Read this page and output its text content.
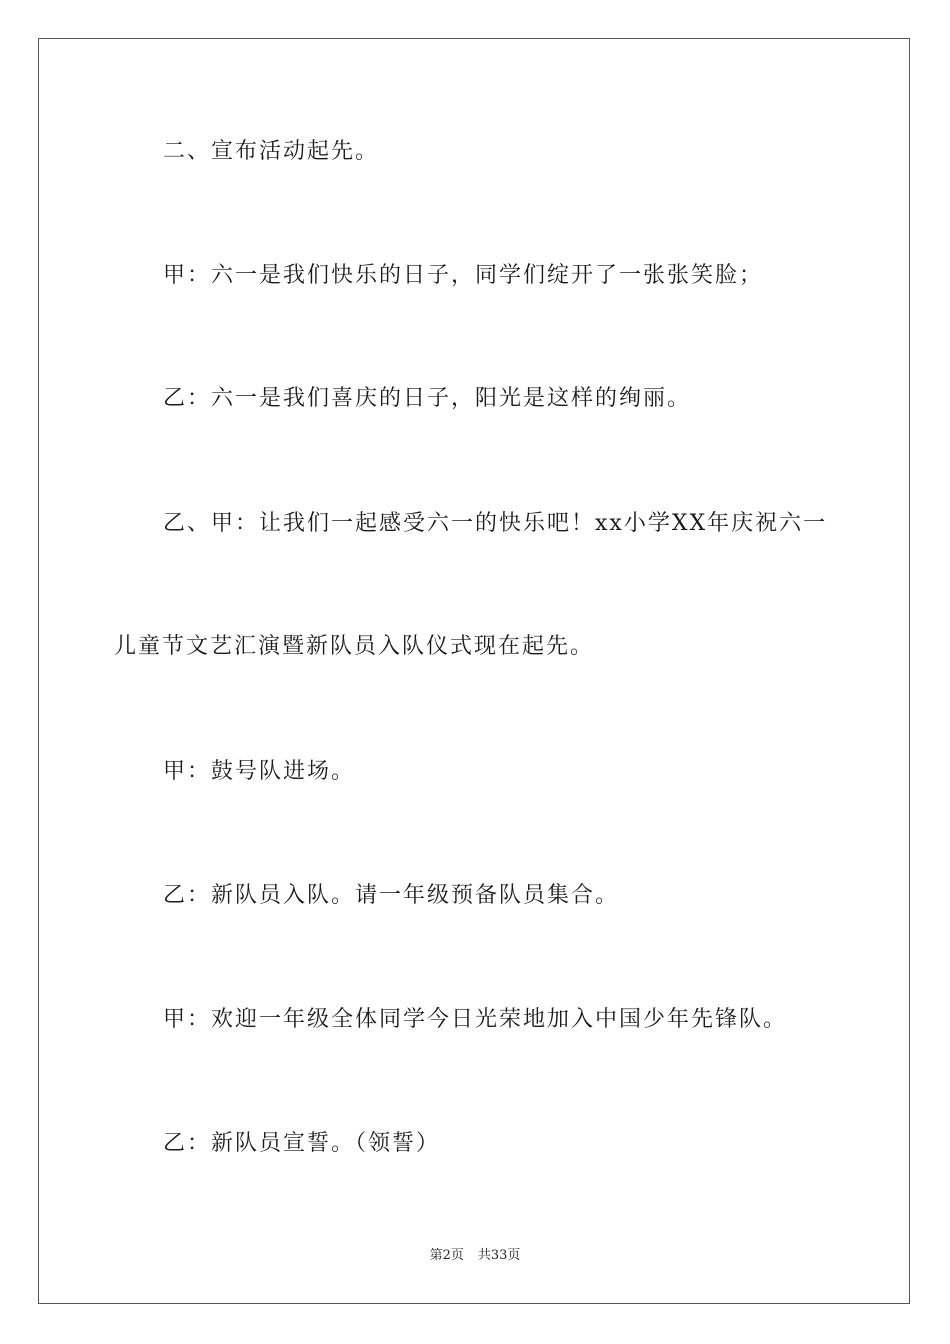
二、宣布活动起先。
甲：六一是我们快乐的日子，同学们绽开了一张张笑脸；
乙：六一是我们喜庆的日子，阳光是这样的绚丽。
乙、甲：让我们一起感受六一的快乐吧！xx小学XX年庆祝六一
儿童节文艺汇演暨新队员入队仪式现在起先。
甲：鼓号队进场。
乙：新队员入队。请一年级预备队员集合。
甲：欢迎一年级全体同学今日光荣地加入中国少年先锋队。
乙：新队员宣誓。（领誓）
第2页 共33页
